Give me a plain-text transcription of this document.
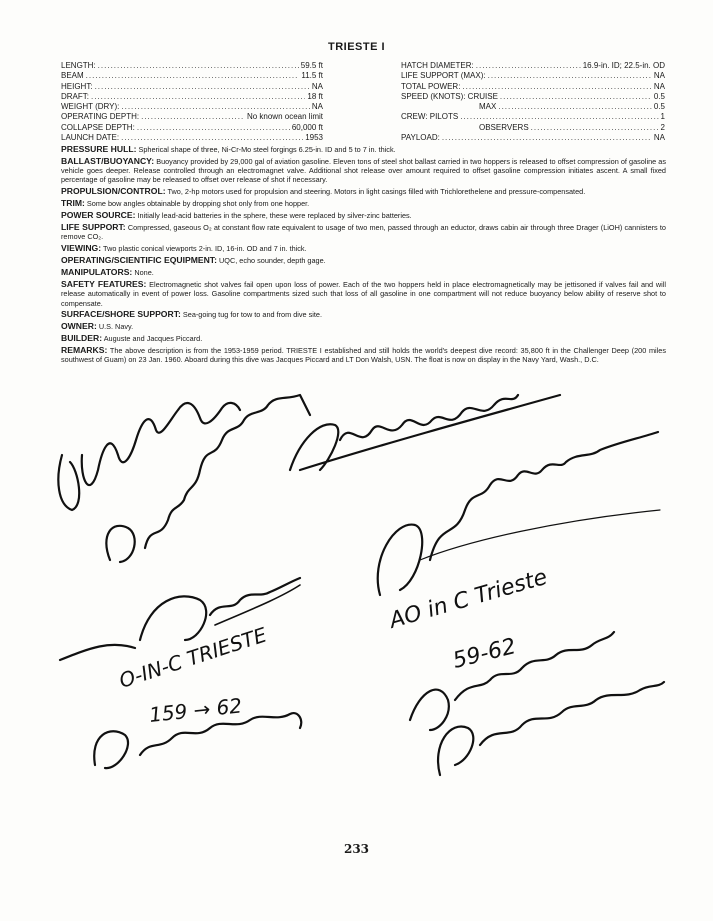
TRIESTE I
LENGTH: .....	59.5 ft
BEAM .....	11.5 ft
HEIGHT: .....	NA
DRAFT: .....	18 ft
WEIGHT (DRY): .....	NA
OPERATING DEPTH: .....	No known ocean limit
COLLAPSE DEPTH: .....	60,000 ft
LAUNCH DATE: .....	1953
HATCH DIAMETER: .....	16.9-in. ID; 22.5-in. OD
LIFE SUPPORT (MAX): .....	NA
TOTAL POWER: .....	NA
SPEED (KNOTS): CRUISE .....	0.5
MAX .....	0.5
CREW: PILOTS .....	1
OBSERVERS .....	2
PAYLOAD: .....	NA

PRESSURE HULL: Spherical shape of three, Ni-Cr-Mo steel forgings 6.25-in. ID and 5 to 7 in. thick.

BALLAST/BUOYANCY: Buoyancy provided by 29,000 gal of aviation gasoline. Eleven tons of steel shot ballast carried in two hoppers is released to offset compression of gasoline as vehicle goes deeper. Release controlled through an electromagnet valve. Additional shot release over amount required to offset gasoline compression initiates ascent. A small fixed percentage of gasoline may be released to offset over release of shot if necessary.

PROPULSION/CONTROL: Two, 2-hp motors used for propulsion and steering. Motors in light casings filled with Trichlorethelene and pressure-compensated.

TRIM: Some bow angles obtainable by dropping shot only from one hopper.

POWER SOURCE: Initially lead-acid batteries in the sphere, these were replaced by silver-zinc batteries.

LIFE SUPPORT: Compressed, gaseous O₂ at constant flow rate equivalent to usage of two men, passed through an eductor, draws cabin air through three Drager (LiOH) cannisters to remove CO₂.

VIEWING: Two plastic conical viewports 2-in. ID, 16-in. OD and 7 in. thick.

OPERATING/SCIENTIFIC EQUIPMENT: UQC, echo sounder, depth gage.

MANIPULATORS: None.

SAFETY FEATURES: Electromagnetic shot valves fail open upon loss of power. Each of the two hoppers held in place electromagnetically may be jettisoned if valves fail and will release automatically in event of power loss. Gasoline compartments sized such that loss of all gasoline in one compartment will not reduce buoyancy below ability of reserve shot to compensate.

SURFACE/SHORE SUPPORT: Sea-going tug for tow to and from dive site.

OWNER: U.S. Navy.

BUILDER: Auguste and Jacques Piccard.

REMARKS: The above description is from the 1953-1959 period. TRIESTE I established and still holds the world's deepest dive record: 35,800 ft in the Challenger Deep (200 miles southwest of Guam) on 23 Jan. 1960. Aboard during this dive was Jacques Piccard and LT Don Walsh, USN. The float is now on display in the Navy Yard, Wash., D.C.

O-IN-C TRIESTE
159 → 62
AO in C Trieste
59-62
233
